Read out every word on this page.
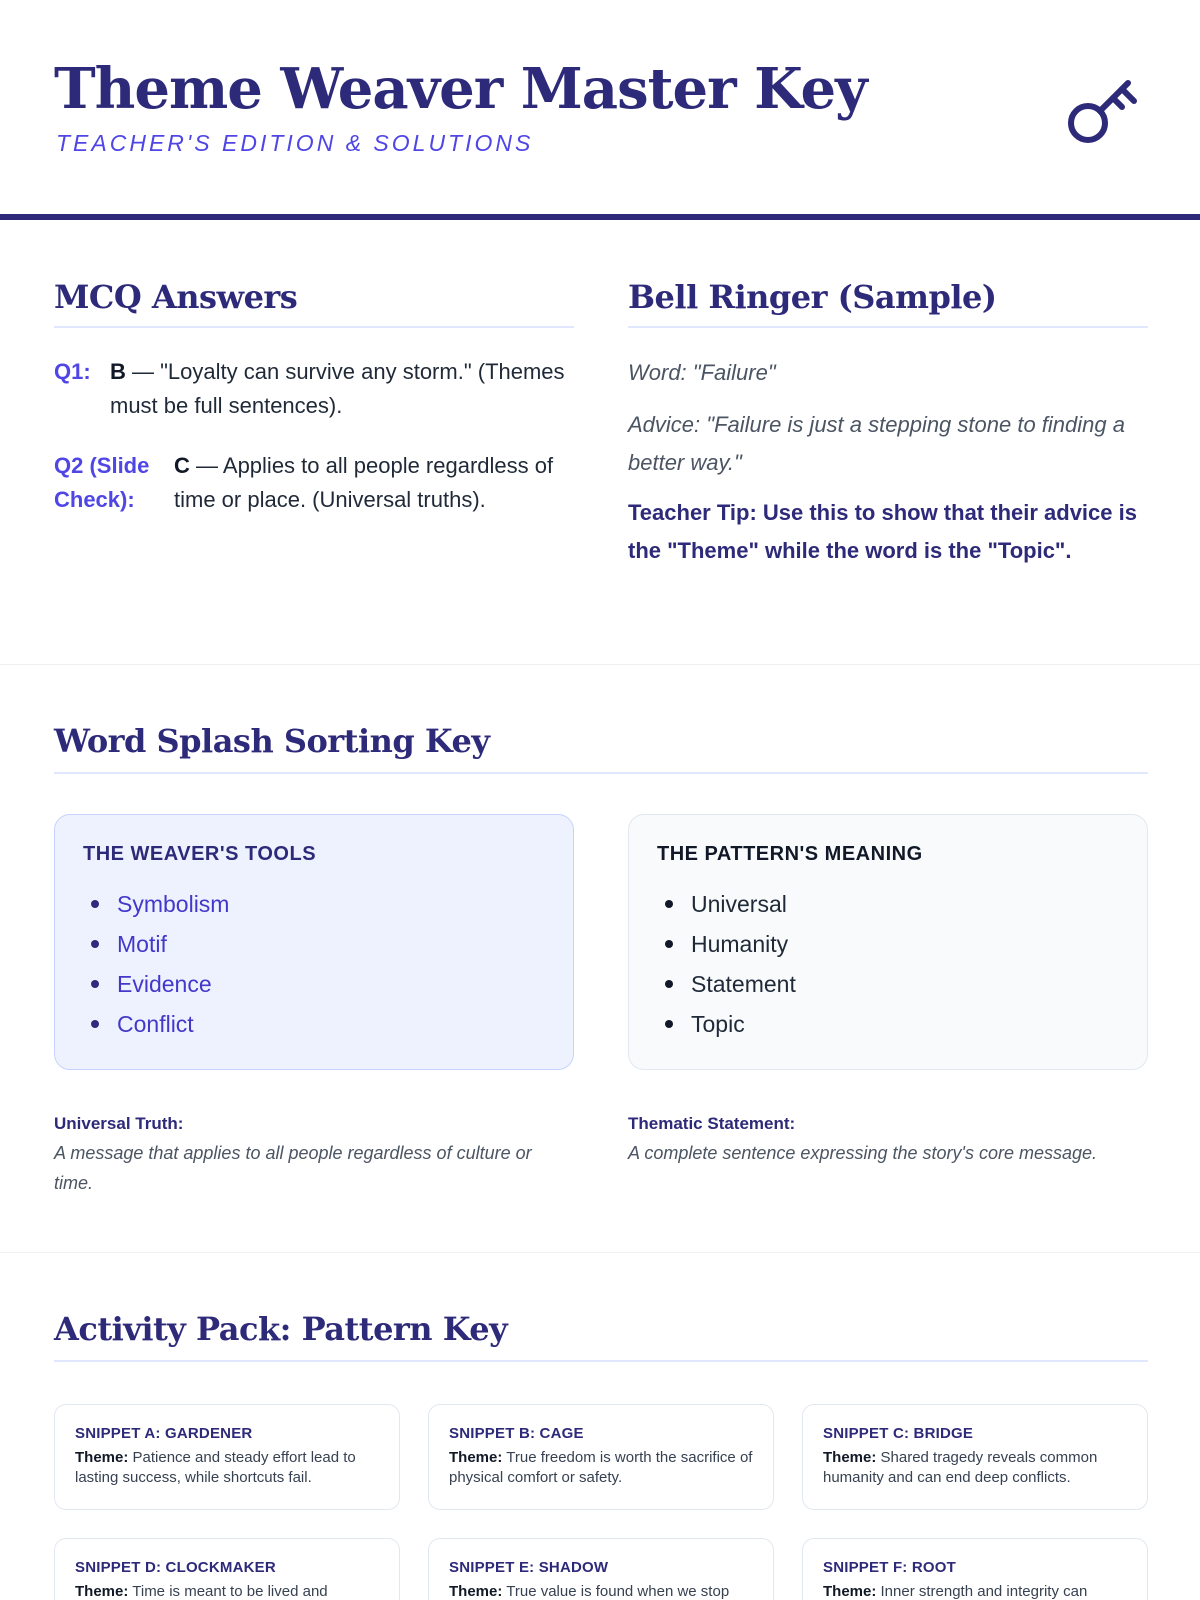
Theme Weaver Master Key
TEACHER'S EDITION & SOLUTIONS
MCQ Answers
Q1: B — "Loyalty can survive any storm." (Themes must be full sentences).
Q2 (Slide Check):
C — Applies to all people regardless of time or place. (Universal truths).
Bell Ringer (Sample)
Word: "Failure"
Advice: "Failure is just a stepping stone to finding a better way."
Teacher Tip: Use this to show that their advice is the "Theme" while the word is the "Topic".
Word Splash Sorting Key
THE WEAVER'S TOOLS
Symbolism
Motif
Evidence
Conflict
THE PATTERN'S MEANING
Universal
Humanity
Statement
Topic
Universal Truth:
A message that applies to all people regardless of culture or time.
Thematic Statement:
A complete sentence expressing the story's core message.
Activity Pack: Pattern Key
SNIPPET A: GARDENER
Theme: Patience and steady effort lead to lasting success, while shortcuts fail.
SNIPPET B: CAGE
Theme: True freedom is worth the sacrifice of physical comfort or safety.
SNIPPET C: BRIDGE
Theme: Shared tragedy reveals common humanity and can end deep conflicts.
SNIPPET D: CLOCKMAKER
Theme: Time is meant to be lived and
SNIPPET E: SHADOW
Theme: True value is found when we stop
SNIPPET F: ROOT
Theme: Inner strength and integrity can
